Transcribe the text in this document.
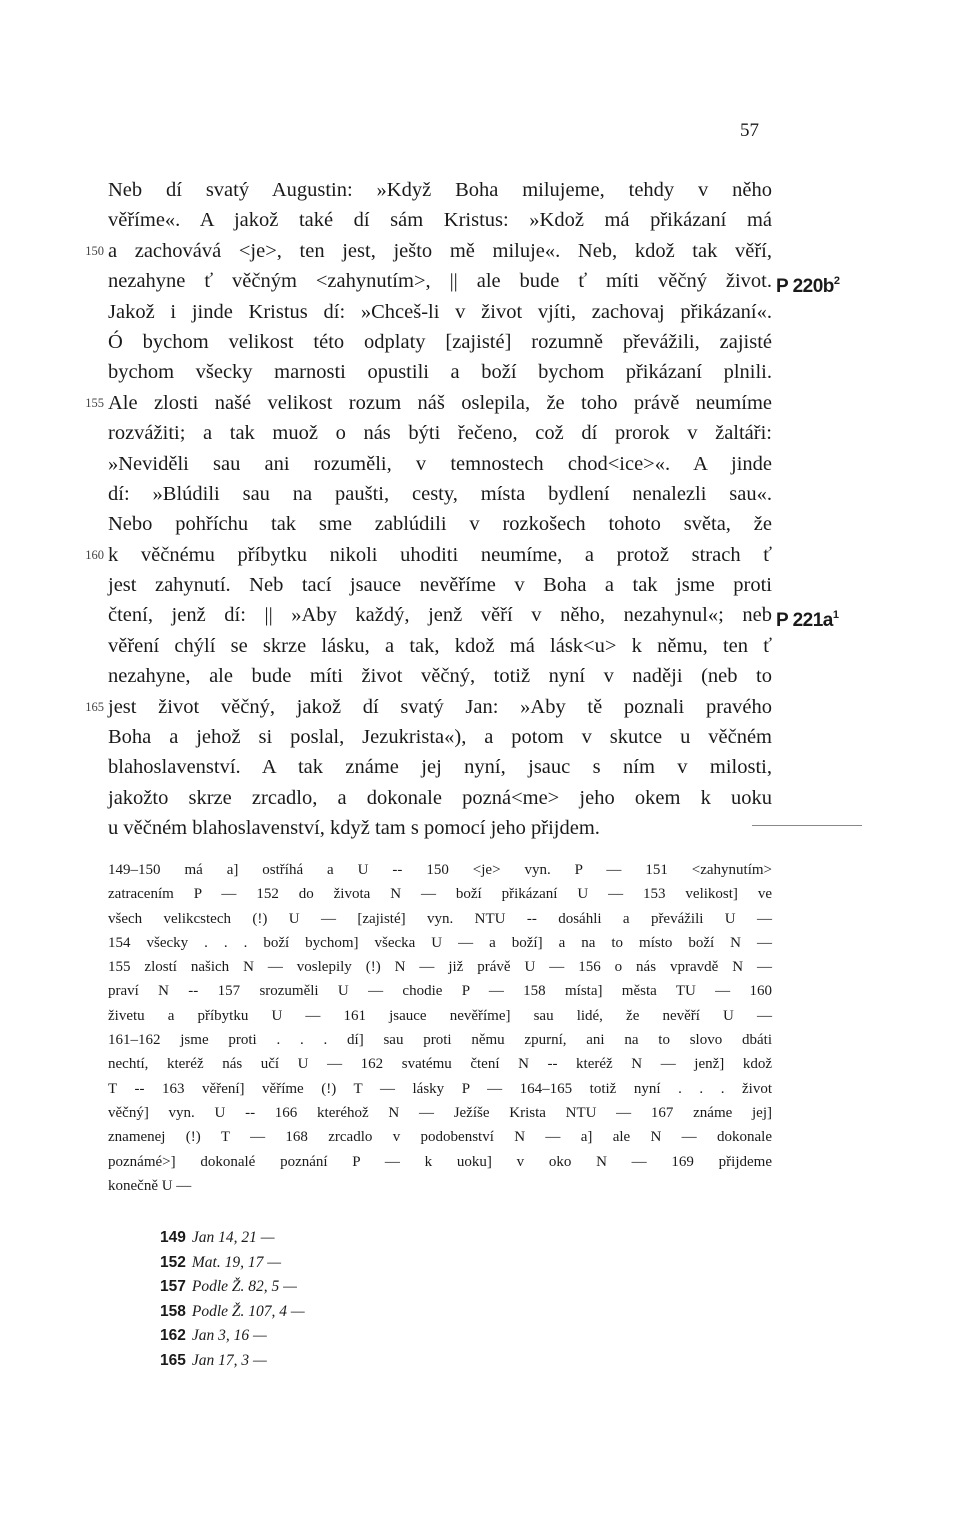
57
Neb dí svatý Augustin: »Když Boha milujeme, tehdy v něho
věříme«. A jakož také dí sám Kristus: »Kdož má přikázaní má
150 a zachovává <je>, ten jest, ješto mě miluje«. Neb, kdož tak věří,
nezahyne ť věčným <zahynutím>, || ale bude ť míti věčný život. P $220b^2$
Jakož i jinde Kristus dí: »Chceš-li v život vjíti, zachovaj přikázaní«.
Ó bychom velikost této odplaty [zajisté] rozumně převážili, zajisté
bychom všecky marnosti opustili a boží bychom přikázaní plnili.
155 Ale zlosti našé velikost rozum náš oslepila, že toho právě neumíme
rozvážiti; a tak muož o nás býti řečeno, což dí prorok v žaltáři:
»Neviděli sau ani rozuměli, v temnostech chod<ice>«. A jinde
dí: »Blúdili sau na paušti, cesty, místa bydlení nenalezli sau«.
Nebo pohříchu tak sme zablúdili v rozkošech tohoto světa, že
160 k věčnému příbytku nikoli uhoditi neumíme, a protož strach ť
jest zahynutí. Neb tací jsauce nevěříme v Boha a tak jsme proti
čtení, jenž dí: || »Aby každý, jenž věří v něho, nezahynul«; neb P $221a^1$
věření chýlí se skrze lásku, a tak, kdož má lásk<u> k němu, ten ť
nezahyne, ale bude míti život věčný, totiž nyní v naději (neb to
165 jest život věčný, jakož dí svatý Jan: »Aby tě poznali pravého
Boha a jehož si poslal, Jezukrista«), a potom v skutce u věčném
blahoslavenství. A tak známe jej nyní, jsauc s ním v milosti,
jakožto skrze zrcadlo, a dokonale pozná<me> jeho okem k uoku
u věčném blahoslavenství, když tam s pomocí jeho přijdem.
149–150 má a] ostříhá a U -- 150 <je> vyn. P — 151 <zahynutím>
zatracením P — 152 do života N — boží přikázaní U — 153 velikost] ve
všech velikcstech (!) U — [zajisté] vyn. NTU -- dosáhli a převážili U —
154 všecky . . . boží bychom] všecka U — a boží] a na to místo boží N —
155 zlostí našich N — voslepily (!) N — již právě U — 156 o nás vpravdě N —
praví N -- 157 srozuměli U — chodie P — 158 místa] města TU — 160
živetu a příbytku U — 161 jsauce nevěříme] sau lidé, že nevěří U —
161–162 jsme proti . . . dí] sau proti němu zpurní, ani na to slovo dbáti
nechtí, kteréž nás učí U — 162 svatému čtení N -- kteréž N — jenž] kdož
T -- 163 věření] věříme (!) T — lásky P — 164–165 totiž nyní . . . život
věčný] vyn. U -- 166 kteréhož N — Ježíše Krista NTU — 167 známe jej]
znamenej (!) T — 168 zrcadlo v podobenství N — a] ale N — dokonale
poznámé>] dokonalé poznání P — k uoku] v oko N — 169 přijdeme
konečně U —
149 Jan 14, 21 —
152 Mat. 19, 17 —
157 Podle Ž. 82, 5 —
158 Podle Ž. 107, 4 —
162 Jan 3, 16 —
165 Jan 17, 3 —
